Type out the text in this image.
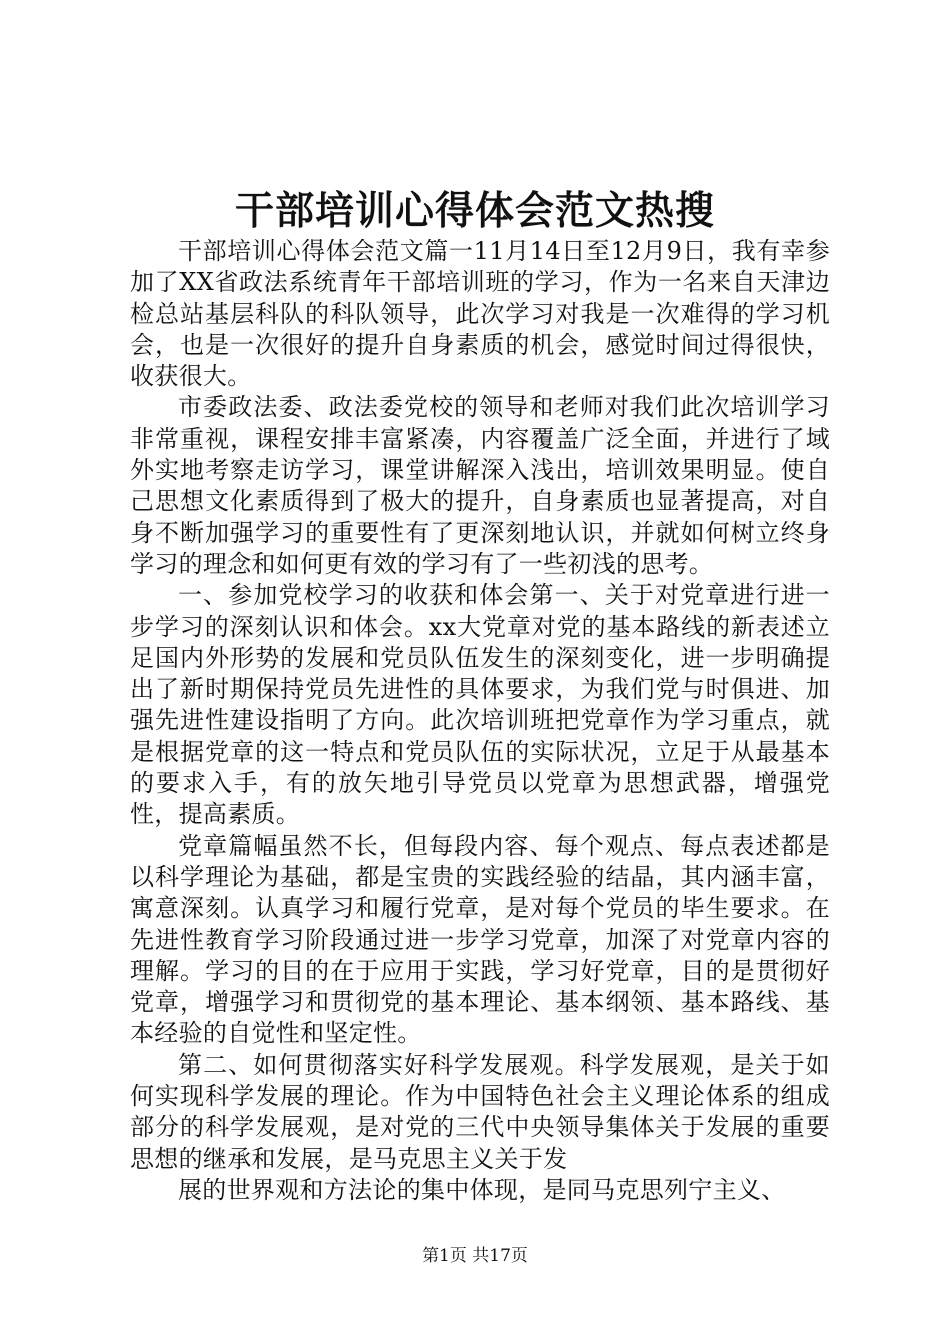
干部培训心得体会范文热搜

干部培训心得体会范文篇一11月14日至12月9日，我有幸参加了XX省政法系统青年干部培训班的学习，作为一名来自天津边检总站基层科队的科队领导，此次学习对我是一次难得的学习机会，也是一次很好的提升自身素质的机会，感觉时间过得很快，收获很大。

市委政法委、政法委党校的领导和老师对我们此次培训学习非常重视，课程安排丰富紧凑，内容覆盖广泛全面，并进行了域外实地考察走访学习，课堂讲解深入浅出，培训效果明显。使自己思想文化素质得到了极大的提升，自身素质也显著提高，对自身不断加强学习的重要性有了更深刻地认识，并就如何树立终身学习的理念和如何更有效的学习有了一些初浅的思考。

一、参加党校学习的收获和体会第一、关于对党章进行进一步学习的深刻认识和体会。xx大党章对党的基本路线的新表述立足国内外形势的发展和党员队伍发生的深刻变化，进一步明确提出了新时期保持党员先进性的具体要求，为我们党与时俱进、加强先进性建设指明了方向。此次培训班把党章作为学习重点，就是根据党章的这一特点和党员队伍的实际状况，立足于从最基本的要求入手，有的放矢地引导党员以党章为思想武器，增强党性，提高素质。

党章篇幅虽然不长，但每段内容、每个观点、每点表述都是以科学理论为基础，都是宝贵的实践经验的结晶，其内涵丰富，寓意深刻。认真学习和履行党章，是对每个党员的毕生要求。在先进性教育学习阶段通过进一步学习党章，加深了对党章内容的理解。学习的目的在于应用于实践，学习好党章，目的是贯彻好党章，增强学习和贯彻党的基本理论、基本纲领、基本路线、基本经验的自觉性和坚定性。

第二、如何贯彻落实好科学发展观。科学发展观，是关于如何实现科学发展的理论。作为中国特色社会主义理论体系的组成部分的科学发展观，是对党的三代中央领导集体关于发展的重要思想的继承和发展，是马克思主义关于发

展的世界观和方法论的集中体现，是同马克思列宁主义、

第1页 共17页
